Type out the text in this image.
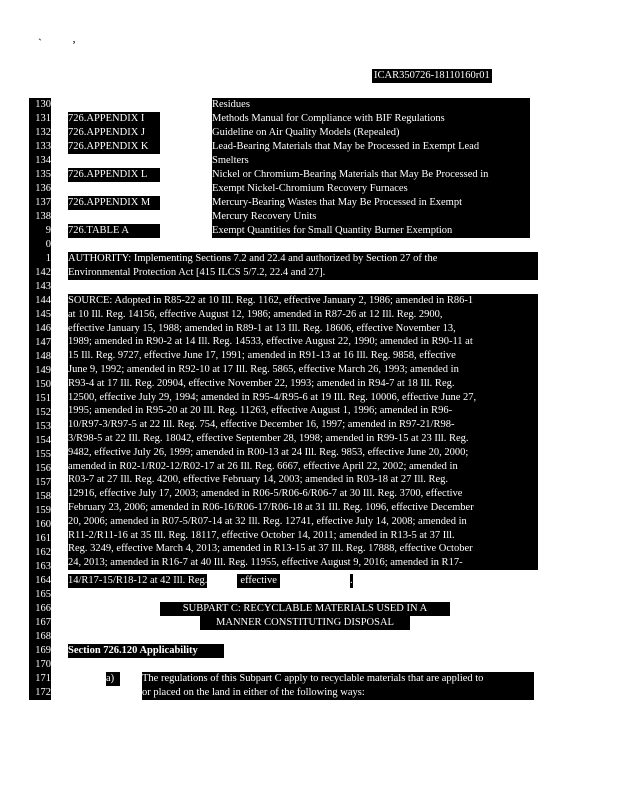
`	ʼ
ICAR350726-18110160r01
130
131
132
133
134
135
136
137
138
9
0
1
142
143
144
145
146
147
148
149
150
151
152
153
154
155
156
157
158
159
160
161
162
163
164
165
166
167
168
169
170
171
172
Residues
726.APPENDIX I	Methods Manual for Compliance with BIF Regulations
726.APPENDIX J	Guideline on Air Quality Models (Repealed)
726.APPENDIX K	Lead-Bearing Materials that May be Processed in Exempt Lead
Smelters
726.APPENDIX L	Nickel or Chromium-Bearing Materials that May Be Processed in
Exempt Nickel-Chromium Recovery Furnaces
726.APPENDIX M	Mercury-Bearing Wastes that May Be Processed in Exempt
Mercury Recovery Units
726.TABLE A	Exempt Quantities for Small Quantity Burner Exemption
AUTHORITY: Implementing Sections 7.2 and 22.4 and authorized by Section 27 of the
Environmental Protection Act [415 ILCS 5/7.2, 22.4 and 27].
SOURCE: Adopted in R85-22 at 10 Ill. Reg. 1162, effective January 2, 1986; amended in R86-1
at 10 Ill. Reg. 14156, effective August 12, 1986; amended in R87-26 at 12 Ill. Reg. 2900,
effective January 15, 1988; amended in R89-1 at 13 Ill. Reg. 18606, effective November 13,
1989; amended in R90-2 at 14 Ill. Reg. 14533, effective August 22, 1990; amended in R90-11 at
15 Ill. Reg. 9727, effective June 17, 1991; amended in R91-13 at 16 Ill. Reg. 9858, effective
June 9, 1992; amended in R92-10 at 17 Ill. Reg. 5865, effective March 26, 1993; amended in
R93-4 at 17 Ill. Reg. 20904, effective November 22, 1993; amended in R94-7 at 18 Ill. Reg.
12500, effective July 29, 1994; amended in R95-4/R95-6 at 19 Ill. Reg. 10006, effective June 27,
1995; amended in R95-20 at 20 Ill. Reg. 11263, effective August 1, 1996; amended in R96-
10/R97-3/R97-5 at 22 Ill. Reg. 754, effective December 16, 1997; amended in R97-21/R98-
3/R98-5 at 22 Ill. Reg. 18042, effective September 28, 1998; amended in R99-15 at 23 Ill. Reg.
9482, effective July 26, 1999; amended in R00-13 at 24 Ill. Reg. 9853, effective June 20, 2000;
amended in R02-1/R02-12/R02-17 at 26 Ill. Reg. 6667, effective April 22, 2002; amended in
R03-7 at 27 Ill. Reg. 4200, effective February 14, 2003; amended in R03-18 at 27 Ill. Reg.
12916, effective July 17, 2003; amended in R06-5/R06-6/R06-7 at 30 Ill. Reg. 3700, effective
February 23, 2006; amended in R06-16/R06-17/R06-18 at 31 Ill. Reg. 1096, effective December
20, 2006; amended in R07-5/R07-14 at 32 Ill. Reg. 12741, effective July 14, 2008; amended in
R11-2/R11-16 at 35 Ill. Reg. 18117, effective October 14, 2011; amended in R13-5 at 37 Ill.
Reg. 3249, effective March 4, 2013; amended in R13-15 at 37 Ill. Reg. 17888, effective October
24, 2013; amended in R16-7 at 40 Ill. Reg. 11955, effective August 9, 2016; amended in R17-
14/R17-15/R18-12 at 42 Ill. Reg.	effective	.
SUBPART C: RECYCLABLE MATERIALS USED IN A
MANNER CONSTITUTING DISPOSAL
Section 726.120 Applicability
a)	The regulations of this Subpart C apply to recyclable materials that are applied to
or placed on the land in either of the following ways:
